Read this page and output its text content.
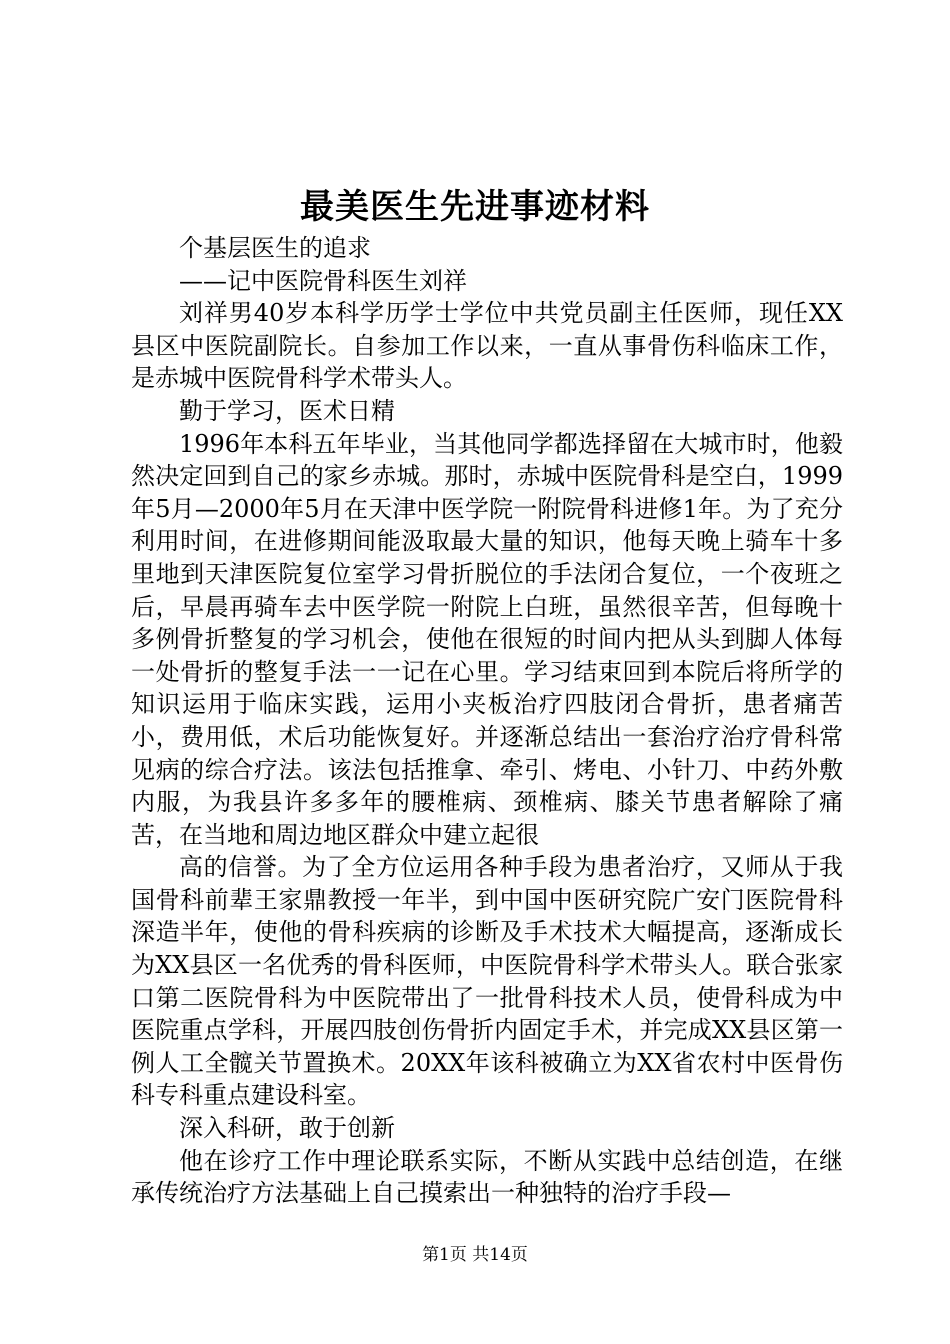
最美医生先进事迹材料

个基层医生的追求

——记中医院骨科医生刘祥

刘祥男40岁本科学历学士学位中共党员副主任医师，现任XX县区中医院副院长。自参加工作以来，一直从事骨伤科临床工作，是赤城中医院骨科学术带头人。

勤于学习，医术日精

1996年本科五年毕业，当其他同学都选择留在大城市时，他毅然决定回到自己的家乡赤城。那时，赤城中医院骨科是空白，1999年5月—2000年5月在天津中医学院一附院骨科进修1年。为了充分利用时间，在进修期间能汲取最大量的知识，他每天晚上骑车十多里地到天津医院复位室学习骨折脱位的手法闭合复位，一个夜班之后，早晨再骑车去中医学院一附院上白班，虽然很辛苦，但每晚十多例骨折整复的学习机会，使他在很短的时间内把从头到脚人体每一处骨折的整复手法一一记在心里。学习结束回到本院后将所学的知识运用于临床实践，运用小夹板治疗四肢闭合骨折，患者痛苦小，费用低，术后功能恢复好。并逐渐总结出一套治疗治疗骨科常见病的综合疗法。该法包括推拿、牵引、烤电、小针刀、中药外敷内服，为我县许多多年的腰椎病、颈椎病、膝关节患者解除了痛苦，在当地和周边地区群众中建立起很

高的信誉。为了全方位运用各种手段为患者治疗，又师从于我国骨科前辈王家鼎教授一年半，到中国中医研究院广安门医院骨科深造半年，使他的骨科疾病的诊断及手术技术大幅提高，逐渐成长为XX县区一名优秀的骨科医师，中医院骨科学术带头人。联合张家口第二医院骨科为中医院带出了一批骨科技术人员，使骨科成为中医院重点学科，开展四肢创伤骨折内固定手术，并完成XX县区第一例人工全髋关节置换术。20XX年该科被确立为XX省农村中医骨伤科专科重点建设科室。

深入科研，敢于创新

他在诊疗工作中理论联系实际，不断从实践中总结创造，在继承传统治疗方法基础上自己摸索出一种独特的治疗手段—

第1页 共14页
